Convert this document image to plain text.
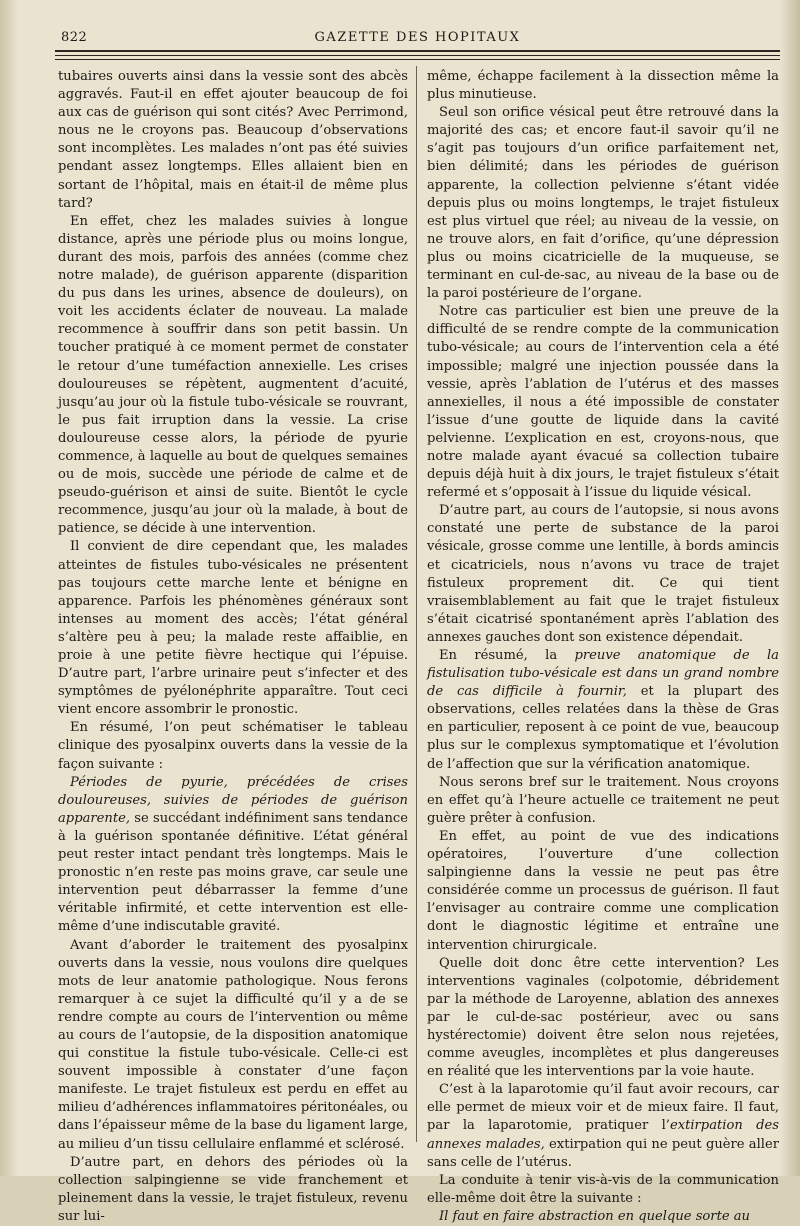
822	GAZETTE DES HOPITAUX

tubaires ouverts ainsi dans la vessie sont des abcès aggravés. Faut-il en effet ajouter beaucoup de foi aux cas de guérison qui sont cités? Avec Perrimond, nous ne le croyons pas. Beaucoup d’observations sont incomplètes. Les malades n’ont pas été suivies pendant assez longtemps. Elles allaient bien en sortant de l’hôpital, mais en était-il de même plus tard?

En effet, chez les malades suivies à longue distance, après une période plus ou moins longue, durant des mois, parfois des années (comme chez notre malade), de guérison apparente (disparition du pus dans les urines, absence de douleurs), on voit les accidents éclater de nouveau. La malade recommence à souffrir dans son petit bassin. Un toucher pratiqué à ce moment permet de constater le retour d’une tuméfaction annexielle. Les crises douloureuses se répètent, augmentent d’acuité, jusqu’au jour où la fistule tubo-vésicale se rouvrant, le pus fait irruption dans la vessie. La crise douloureuse cesse alors, la période de pyurie commence, à laquelle au bout de quelques semaines ou de mois, succède une période de calme et de pseudo-guérison et ainsi de suite. Bientôt le cycle recommence, jusqu’au jour où la malade, à bout de patience, se décide à une intervention.

Il convient de dire cependant que, les malades atteintes de fistules tubo-vésicales ne présentent pas toujours cette marche lente et bénigne en apparence. Parfois les phénomènes généraux sont intenses au moment des accès; l’état général s’altère peu à peu; la malade reste affaiblie, en proie à une petite fièvre hectique qui l’épuise. D’autre part, l’arbre urinaire peut s’infecter et des symptômes de pyélonéphrite apparaître. Tout ceci vient encore assombrir le pronostic.

En résumé, l’on peut schématiser le tableau clinique des pyosalpinx ouverts dans la vessie de la façon suivante :

Périodes de pyurie, précédées de crises douloureuses, suivies de périodes de guérison apparente, se succédant indéfiniment sans tendance à la guérison spontanée définitive. L’état général peut rester intact pendant très longtemps. Mais le pronostic n’en reste pas moins grave, car seule une intervention peut débarrasser la femme d’une véritable infirmité, et cette intervention est elle-même d’une indiscutable gravité.

Avant d’aborder le traitement des pyosalpinx ouverts dans la vessie, nous voulons dire quelques mots de leur anatomie pathologique. Nous ferons remarquer à ce sujet la difficulté qu’il y a de se rendre compte au cours de l’intervention ou même au cours de l’autopsie, de la disposition anatomique qui constitue la fistule tubo-vésicale. Celle-ci est souvent impossible à constater d’une façon manifeste. Le trajet fistuleux est perdu en effet au milieu d’adhérences inflammatoires péritonéales, ou dans l’épaisseur même de la base du ligament large, au milieu d’un tissu cellulaire enflammé et sclérosé.

D’autre part, en dehors des périodes où la collection salpingienne se vide franchement et pleinement dans la vessie, le trajet fistuleux, revenu sur lui-

même, échappe facilement à la dissection même la plus minutieuse.

Seul son orifice vésical peut être retrouvé dans la majorité des cas; et encore faut-il savoir qu’il ne s’agit pas toujours d’un orifice parfaitement net, bien délimité; dans les périodes de guérison apparente, la collection pelvienne s’étant vidée depuis plus ou moins longtemps, le trajet fistuleux est plus virtuel que réel; au niveau de la vessie, on ne trouve alors, en fait d’orifice, qu’une dépression plus ou moins cicatricielle de la muqueuse, se terminant en cul-de-sac, au niveau de la base ou de la paroi postérieure de l’organe.

Notre cas particulier est bien une preuve de la difficulté de se rendre compte de la communication tubo-vésicale; au cours de l’intervention cela a été impossible; malgré une injection poussée dans la vessie, après l’ablation de l’utérus et des masses annexielles, il nous a été impossible de constater l’issue d’une goutte de liquide dans la cavité pelvienne. L’explication en est, croyons-nous, que notre malade ayant évacué sa collection tubaire depuis déjà huit à dix jours, le trajet fistuleux s’était refermé et s’opposait à l’issue du liquide vésical.

D’autre part, au cours de l’autopsie, si nous avons constaté une perte de substance de la paroi vésicale, grosse comme une lentille, à bords amincis et cicatriciels, nous n’avons vu trace de trajet fistuleux proprement dit. Ce qui tient vraisemblablement au fait que le trajet fistuleux s’était cicatrisé spontanément après l’ablation des annexes gauches dont son existence dépendait.

En résumé, la preuve anatomique de la fistulisation tubo-vésicale est dans un grand nombre de cas difficile à fournir, et la plupart des observations, celles relatées dans la thèse de Gras en particulier, reposent à ce point de vue, beaucoup plus sur le complexus symptomatique et l’évolution de l’affection que sur la vérification anatomique.

Nous serons bref sur le traitement. Nous croyons en effet qu’à l’heure actuelle ce traitement ne peut guère prêter à confusion.

En effet, au point de vue des indications opératoires, l’ouverture d’une collection salpingienne dans la vessie ne peut pas être considérée comme un processus de guérison. Il faut l’envisager au contraire comme une complication dont le diagnostic légitime et entraîne une intervention chirurgicale.

Quelle doit donc être cette intervention? Les interventions vaginales (colpotomie, débridement par la méthode de Laroyenne, ablation des annexes par le cul-de-sac postérieur, avec ou sans hystérectomie) doivent être selon nous rejetées, comme aveugles, incomplètes et plus dangereuses en réalité que les interventions par la voie haute.

C’est à la laparotomie qu’il faut avoir recours, car elle permet de mieux voir et de mieux faire. Il faut, par la laparotomie, pratiquer l’extirpation des annexes malades, extirpation qui ne peut guère aller sans celle de l’utérus.

La conduite à tenir vis-à-vis de la communication elle-même doit être la suivante :

Il faut en faire abstraction en quelque sorte au
